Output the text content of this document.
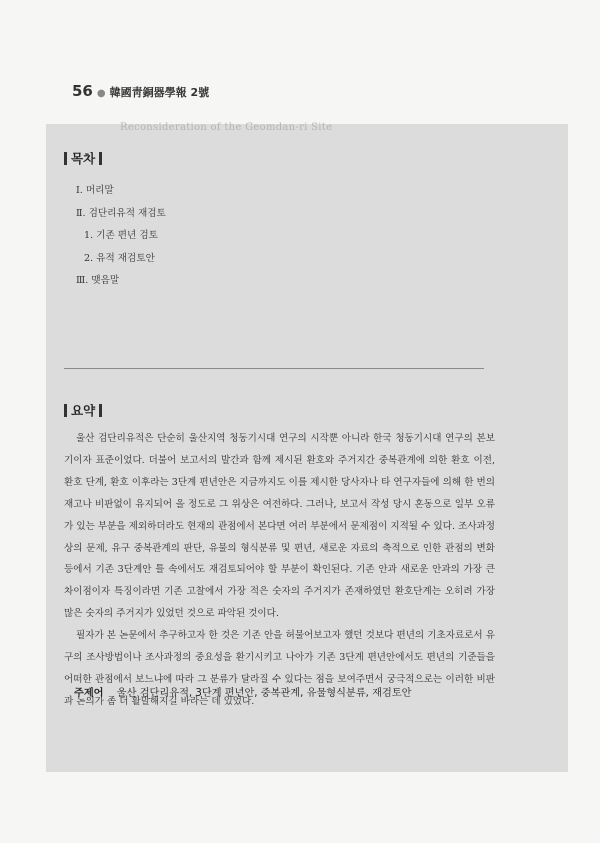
56 ● 韓國靑銅器學報 2號
Reconsideration of the Geomdan-ri Site
목차
Ⅰ. 머리말
Ⅱ. 검단리유적 재검토
1. 기존 편년 검토
2. 유적 재검토안
Ⅲ. 맺음말
요약

울산 검단리유적은 단순히 울산지역 청동기시대 연구의 시작뿐 아니라 한국 청동기시대 연구의 본보기이자 표준이었다. 더불어 보고서의 발간과 함께 제시된 환호와 주거지간 중복관계에 의한 환호 이전, 환호 단계, 환호 이후라는 3단계 편년안은 지금까지도 이를 제시한 당사자나 타 연구자들에 의해 한 번의 재고나 비판없이 유지되어 올 정도로 그 위상은 여전하다. 그러나, 보고서 작성 당시 혼동으로 일부 오류가 있는 부분을 제외하더라도 현재의 관점에서 본다면 여러 부분에서 문제점이 지적될 수 있다. 조사과정상의 문제, 유구 중복관계의 판단, 유물의 형식분류 및 편년, 새로운 자료의 축적으로 인한 관점의 변화 등에서 기존 3단계안 틀 속에서도 재검토되어야 할 부분이 확인된다. 기존 안과 새로운 안과의 가장 큰 차이점이자 특징이라면 기존 고찰에서 가장 적은 숫자의 주거지가 존재하였던 환호단계는 오히려 가장 많은 숫자의 주거지가 있었던 것으로 파악된 것이다.

필자가 본 논문에서 추구하고자 한 것은 기존 안을 허물어보고자 했던 것보다 편년의 기초자료로서 유구의 조사방법이나 조사과정의 중요성을 환기시키고 나아가 기존 3단계 편년안에서도 편년의 기준들을 어떠한 관점에서 보느냐에 따라 그 분류가 달라질 수 있다는 점을 보여주면서 궁극적으로는 이러한 비판과 논의가 좀 더 활발해지길 바라는 데 있었다.

주제어 울산 검단리유적, 3단계 편년안, 중복관계, 유물형식분류, 재검토안
